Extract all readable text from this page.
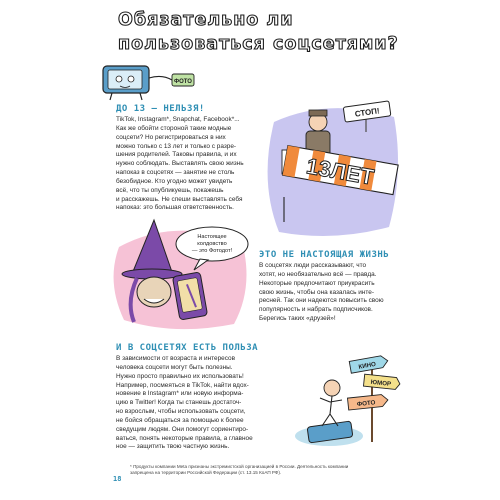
Обязательно ли
пользоваться соцсетями?
ФОТО
ДО 13 — НЕЛЬЗЯ!
TikTok, Instagram*, Snapchat, Facebook*...
Как же обойти стороной такие модные
соцсети? Но регистрироваться в них
можно только с 13 лет и только с разре-
шения родителей. Таковы правила, и их
нужно соблюдать. Выставлять свою жизнь
напоказ в соцсетях — занятие не столь
безобидное. Кто угодно может увидеть
всё, что ты опубликуешь, покажешь
и расскажешь. Не спеши выставлять себя
напоказ: это большая ответственность.
СТОП!
13ЛЕТ
Настоящее
колдовство
— это Фотодот!	ЭТО НЕ НАСТОЯЩАЯ ЖИЗНЬ
В соцсетях люди рассказывают, что
хотят, но необязательно всё — правда.
Некоторые предпочитают приукрасить
свою жизнь, чтобы она казалась инте-
ресней. Так они надеются повысить свою
популярность и набрать подписчиков.
Берегись таких «друзей»!
И В СОЦСЕТЯХ ЕСТЬ ПОЛЬЗА
В зависимости от возраста и интересов
человека соцсети могут быть полезны.
Нужно просто правильно их использовать!
Например, посмеяться в TikTok, найти вдох-
новение в Instagram* или новую информа-
цию в Twitter! Когда ты станешь достаточ-
но взрослым, чтобы использовать соцсети,
не бойся обращаться за помощью к более
сведущим людям. Они помогут сориентиро-
ваться, понять некоторые правила, а главное
ное — защитить твою частную жизнь.
КИНО
ЮМОР
ФОТО
* Продукты компании Meta признаны экстремистской организацией в России. Деятельность компании
запрещена на территории Российской Федерации (ст. 13.15 КоАП РФ).
18
